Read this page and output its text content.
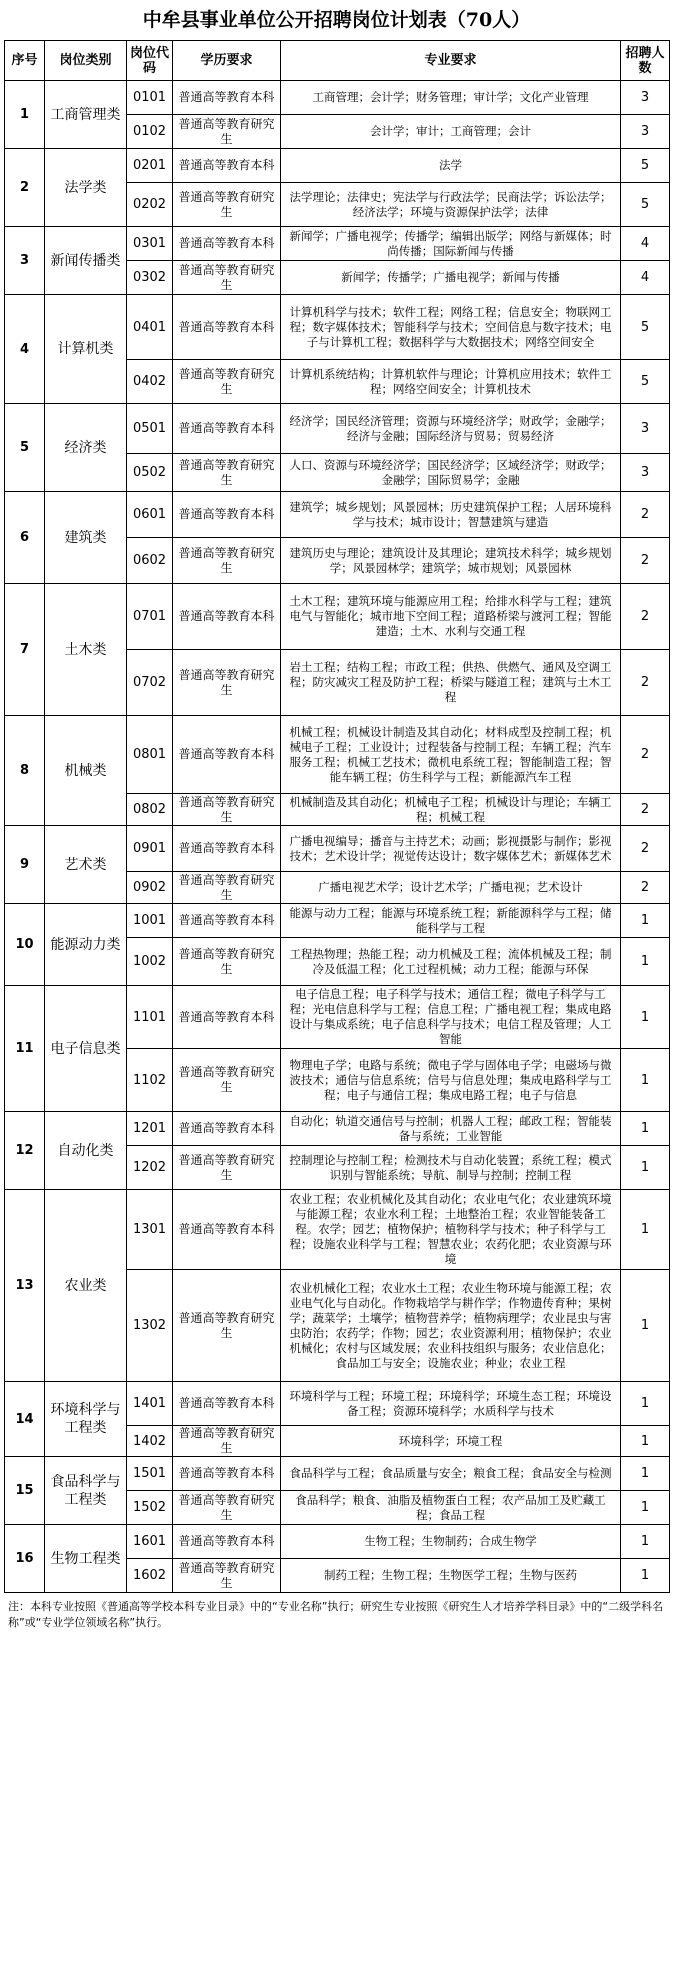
中牟县事业单位公开招聘岗位计划表（70人）
序号	岗位类别	岗位代码	学历要求	专业要求	招聘人数
1	工商管理类	0101	普通高等教育本科	工商管理；会计学；财务管理；审计学；文化产业管理	3
		0102	普通高等教育研究生	会计学；审计；工商管理；会计	3
2	法学类	0201	普通高等教育本科	法学	5
		0202	普通高等教育研究生	法学理论；法律史；宪法学与行政法学；民商法学；诉讼法学；经济法学；环境与资源保护法学；法律	5
3	新闻传播类	0301	普通高等教育本科	新闻学；广播电视学；传播学；编辑出版学；网络与新媒体；时尚传播；国际新闻与传播	4
		0302	普通高等教育研究生	新闻学；传播学；广播电视学；新闻与传播	4
4	计算机类	0401	普通高等教育本科	计算机科学与技术；软件工程；网络工程；信息安全；物联网工程；数字媒体技术；智能科学与技术；空间信息与数字技术；电子与计算机工程；数据科学与大数据技术；网络空间安全	5
		0402	普通高等教育研究生	计算机系统结构；计算机软件与理论；计算机应用技术；软件工程；网络空间安全；计算机技术	5
5	经济类	0501	普通高等教育本科	经济学；国民经济管理；资源与环境经济学；财政学；金融学；经济与金融；国际经济与贸易；贸易经济	3
		0502	普通高等教育研究生	人口、资源与环境经济学；国民经济学；区域经济学；财政学；金融学；国际贸易学；金融	3
6	建筑类	0601	普通高等教育本科	建筑学；城乡规划；风景园林；历史建筑保护工程；人居环境科学与技术；城市设计；智慧建筑与建造	2
		0602	普通高等教育研究生	建筑历史与理论；建筑设计及其理论；建筑技术科学；城乡规划学；风景园林学；建筑学；城市规划；风景园林	2
7	土木类	0701	普通高等教育本科	土木工程；建筑环境与能源应用工程；给排水科学与工程；建筑电气与智能化；城市地下空间工程；道路桥梁与渡河工程；智能建造；土木、水利与交通工程	2
		0702	普通高等教育研究生	岩土工程；结构工程；市政工程；供热、供燃气、通风及空调工程；防灾减灾工程及防护工程；桥梁与隧道工程；建筑与土木工程	2
8	机械类	0801	普通高等教育本科	机械工程；机械设计制造及其自动化；材料成型及控制工程；机械电子工程；工业设计；过程装备与控制工程；车辆工程；汽车服务工程；机械工艺技术；微机电系统工程；智能制造工程；智能车辆工程；仿生科学与工程；新能源汽车工程	2
		0802	普通高等教育研究生	机械制造及其自动化；机械电子工程；机械设计与理论；车辆工程；机械工程	2
9	艺术类	0901	普通高等教育本科	广播电视编导；播音与主持艺术；动画；影视摄影与制作；影视技术；艺术设计学；视觉传达设计；数字媒体艺术；新媒体艺术	2
		0902	普通高等教育研究生	广播电视艺术学；设计艺术学；广播电视；艺术设计	2
10	能源动力类	1001	普通高等教育本科	能源与动力工程；能源与环境系统工程；新能源科学与工程；储能科学与工程	1
		1002	普通高等教育研究生	工程热物理；热能工程；动力机械及工程；流体机械及工程；制冷及低温工程；化工过程机械；动力工程；能源与环保	1
11	电子信息类	1101	普通高等教育本科	电子信息工程；电子科学与技术；通信工程；微电子科学与工程；光电信息科学与工程；信息工程；广播电视工程；集成电路设计与集成系统；电子信息科学与技术；电信工程及管理；人工智能	1
		1102	普通高等教育研究生	物理电子学；电路与系统；微电子学与固体电子学；电磁场与微波技术；通信与信息系统；信号与信息处理；集成电路科学与工程；电子与通信工程；集成电路工程；电子与信息	1
12	自动化类	1201	普通高等教育本科	自动化；轨道交通信号与控制；机器人工程；邮政工程；智能装备与系统；工业智能	1
		1202	普通高等教育研究生	控制理论与控制工程；检测技术与自动化装置；系统工程；模式识别与智能系统；导航、制导与控制；控制工程	1
13	农业类	1301	普通高等教育本科	农业工程；农业机械化及其自动化；农业电气化；农业建筑环境与能源工程；农业水利工程；土地整治工程；农业智能装备工程。农学；园艺；植物保护；植物科学与技术；种子科学与工程；设施农业科学与工程；智慧农业；农药化肥；农业资源与环境	1
		1302	普通高等教育研究生	农业机械化工程；农业水土工程；农业生物环境与能源工程；农业电气化与自动化。作物栽培学与耕作学；作物遗传育种；果树学；蔬菜学；土壤学；植物营养学；植物病理学；农业昆虫与害虫防治；农药学；作物；园艺；农业资源利用；植物保护；农业机械化；农村与区域发展；农业科技组织与服务；农业信息化；食品加工与安全；设施农业；种业；农业工程	1
14	环境科学与工程类	1401	普通高等教育本科	环境科学与工程；环境工程；环境科学；环境生态工程；环境设备工程；资源环境科学；水质科学与技术	1
		1402	普通高等教育研究生	环境科学；环境工程	1
15	食品科学与工程类	1501	普通高等教育本科	食品科学与工程；食品质量与安全；粮食工程；食品安全与检测	1
		1502	普通高等教育研究生	食品科学；粮食、油脂及植物蛋白工程；农产品加工及贮藏工程；食品工程	1
16	生物工程类	1601	普通高等教育本科	生物工程；生物制药；合成生物学	1
		1602	普通高等教育研究生	制药工程；生物工程；生物医学工程；生物与医药	1
注：本科专业按照《普通高等学校本科专业目录》中的“专业名称”执行；研究生专业按照《研究生人才培养学科目录》中的“二级学科名称”或“专业学位领域名称”执行。
